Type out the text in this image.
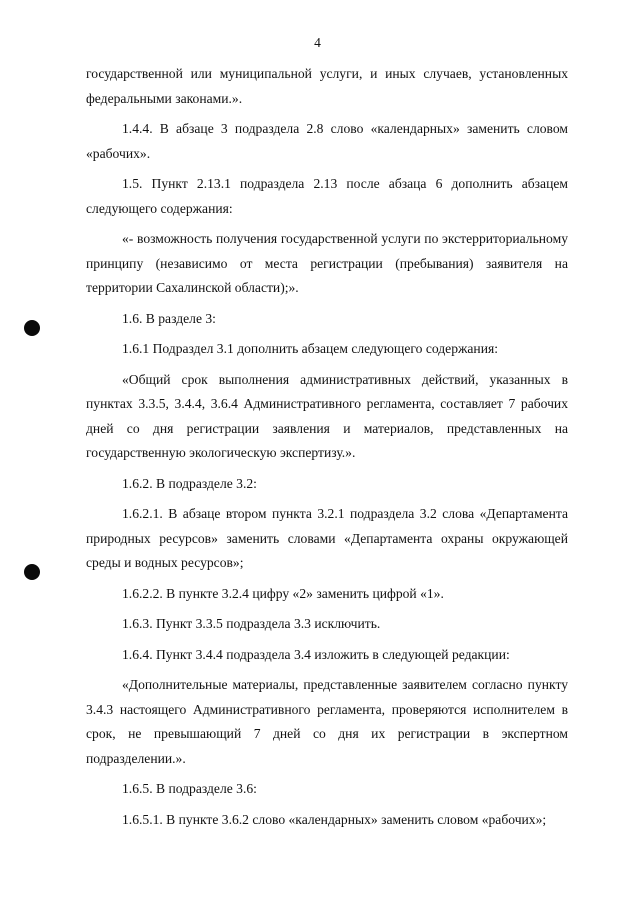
4

государственной или муниципальной услуги, и иных случаев, установленных федеральными законами.».

1.4.4. В абзаце 3 подраздела 2.8 слово «календарных» заменить словом «рабочих».

1.5. Пункт 2.13.1 подраздела 2.13 после абзаца 6 дополнить абзацем следующего содержания:

«- возможность получения государственной услуги по экстерриториальному принципу (независимо от места регистрации (пребывания) заявителя на территории Сахалинской области);».

1.6. В разделе 3:

1.6.1 Подраздел 3.1 дополнить абзацем следующего содержания:

«Общий срок выполнения административных действий, указанных в пунктах 3.3.5, 3.4.4, 3.6.4 Административного регламента, составляет 7 рабочих дней со дня регистрации заявления и материалов, представленных на государственную экологическую экспертизу.».

1.6.2. В подразделе 3.2:

1.6.2.1. В абзаце втором пункта 3.2.1 подраздела 3.2 слова «Департамента природных ресурсов» заменить словами «Департамента охраны окружающей среды и водных ресурсов»;

1.6.2.2. В пункте 3.2.4 цифру «2» заменить цифрой «1».

1.6.3. Пункт 3.3.5 подраздела 3.3 исключить.

1.6.4. Пункт 3.4.4 подраздела 3.4 изложить в следующей редакции:

«Дополнительные материалы, представленные заявителем согласно пункту 3.4.3 настоящего Административного регламента, проверяются исполнителем в срок, не превышающий 7 дней со дня их регистрации в экспертном подразделении.».

1.6.5. В подразделе 3.6:

1.6.5.1. В пункте 3.6.2 слово «календарных» заменить словом «рабочих»;
